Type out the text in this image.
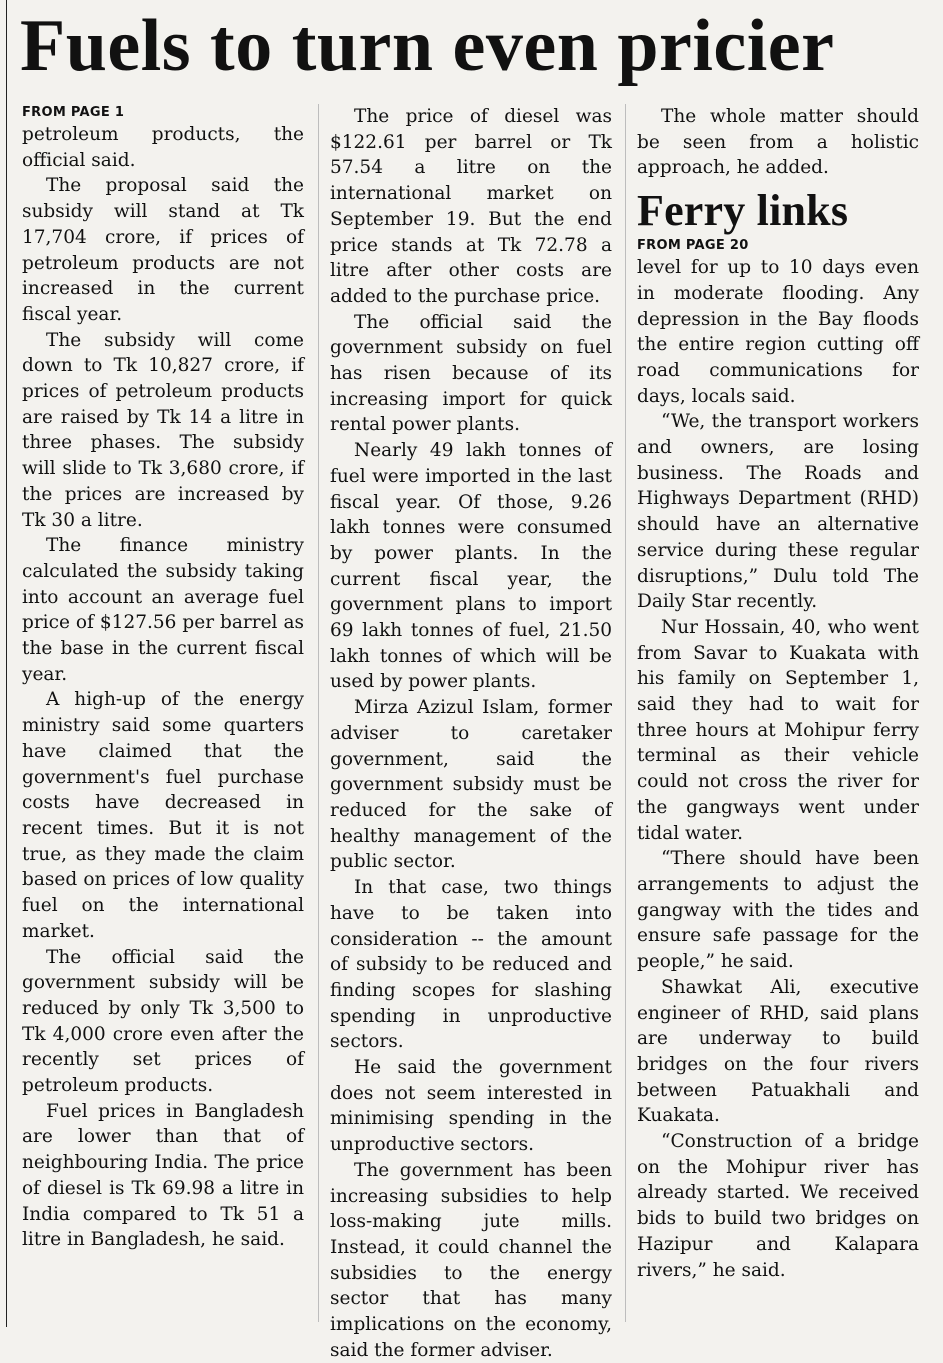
Fuels to turn even pricier

FROM PAGE 1

petroleum products, the official said.

The proposal said the subsidy will stand at Tk 17,704 crore, if prices of petroleum products are not increased in the current fiscal year.

The subsidy will come down to Tk 10,827 crore, if prices of petroleum products are raised by Tk 14 a litre in three phases. The subsidy will slide to Tk 3,680 crore, if the prices are increased by Tk 30 a litre.

The finance ministry calculated the subsidy taking into account an average fuel price of $127.56 per barrel as the base in the current fiscal year.

A high-up of the energy ministry said some quarters have claimed that the government's fuel purchase costs have decreased in recent times. But it is not true, as they made the claim based on prices of low quality fuel on the international market.

The official said the government subsidy will be reduced by only Tk 3,500 to Tk 4,000 crore even after the recently set prices of petroleum products.

Fuel prices in Bangladesh are lower than that of neighbouring India. The price of diesel is Tk 69.98 a litre in India compared to Tk 51 a litre in Bangladesh, he said.

The price of diesel was $122.61 per barrel or Tk 57.54 a litre on the international market on September 19. But the end price stands at Tk 72.78 a litre after other costs are added to the purchase price.

The official said the government subsidy on fuel has risen because of its increasing import for quick rental power plants.

Nearly 49 lakh tonnes of fuel were imported in the last fiscal year. Of those, 9.26 lakh tonnes were consumed by power plants. In the current fiscal year, the government plans to import 69 lakh tonnes of fuel, 21.50 lakh tonnes of which will be used by power plants.

Mirza Azizul Islam, former adviser to caretaker government, said the government subsidy must be reduced for the sake of healthy management of the public sector.

In that case, two things have to be taken into consideration -- the amount of subsidy to be reduced and finding scopes for slashing spending in unproductive sectors.

He said the government does not seem interested in minimising spending in the unproductive sectors.

The government has been increasing subsidies to help loss-making jute mills. Instead, it could channel the subsidies to the energy sector that has many implications on the economy, said the former adviser.

The whole matter should be seen from a holistic approach, he added.

Ferry links

FROM PAGE 20

level for up to 10 days even in moderate flooding. Any depression in the Bay floods the entire region cutting off road communications for days, locals said.

“We, the transport workers and owners, are losing business. The Roads and Highways Department (RHD) should have an alternative service during these regular disruptions,” Dulu told The Daily Star recently.

Nur Hossain, 40, who went from Savar to Kuakata with his family on September 1, said they had to wait for three hours at Mohipur ferry terminal as their vehicle could not cross the river for the gangways went under tidal water.

“There should have been arrangements to adjust the gangway with the tides and ensure safe passage for the people,” he said.

Shawkat Ali, executive engineer of RHD, said plans are underway to build bridges on the four rivers between Patuakhali and Kuakata.

“Construction of a bridge on the Mohipur river has already started. We received bids to build two bridges on Hazipur and Kalapara rivers,” he said.
